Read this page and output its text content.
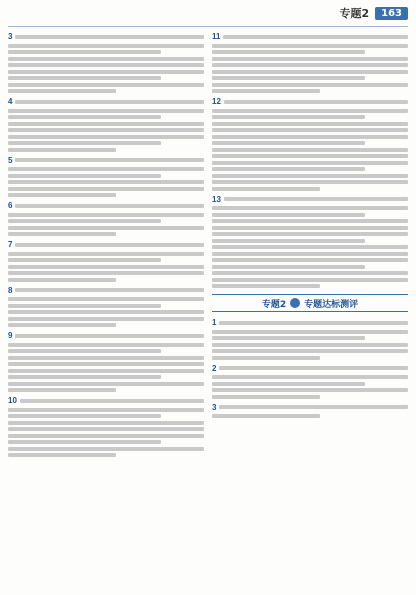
专题2	163
3
4
5
6
7
8
9
10
11
12
13
专题2 专题达标测评
1
2
3
